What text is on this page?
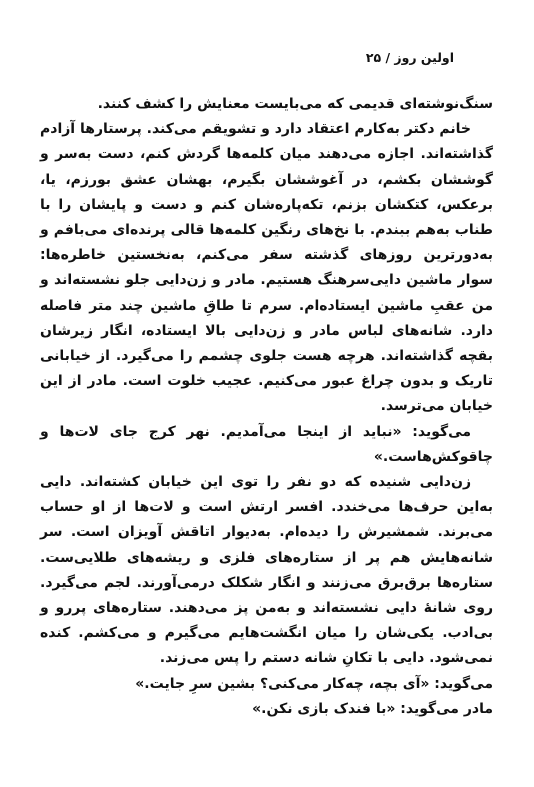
اولین روز / ۲۵

سنگ‌نوشته‌ای قدیمی که می‌بایست معنایش را کشف کنند.

خانم دکتر به‌کارم اعتقاد دارد و تشویقم می‌کند. پرستارها آزادم گذاشته‌اند. اجازه می‌دهند میان کلمه‌ها گردش کنم، دست به‌سر و گوششان بکشم، در آغوششان بگیرم، بهشان عشق بورزم، یا، برعکس، کتکشان بزنم، تکه‌پاره‌شان کنم و دست و پایشان را با طناب به‌هم ببندم. با نخ‌های رنگین کلمه‌ها قالی پرنده‌ای می‌بافم و به‌دورترین روزهای گذشته سفر می‌کنم، به‌نخستین خاطره‌ها: سوار ماشین دایی‌سرهنگ هستیم. مادر و زن‌دایی جلو نشسته‌اند و من عقبِ ماشین ایستاده‌ام. سرم تا طاقِ ماشین چند متر فاصله دارد. شانه‌های لباس مادر و زن‌دایی بالا ایستاده، انگار زیرشان بقچه گذاشته‌اند. هرچه هست جلوی چشمم را می‌گیرد. از خیابانی تاریک و بدون چراغ عبور می‌کنیم. عجیب خلوت است. مادر از این خیابان می‌ترسد.

می‌گوید: «نباید از اینجا می‌آمدیم. نهر کرج جای لات‌ها و چاقوکش‌هاست.»

زن‌دایی شنیده که دو نفر را توی این خیابان کشته‌اند. دایی به‌این حرف‌ها می‌خندد. افسر ارتش است و لات‌ها از او حساب می‌برند. شمشیرش را دیده‌ام. به‌دیوار اتاقش آویزان است. سر شانه‌هایش هم پر از ستاره‌های فلزی و ریشه‌های طلایی‌ست. ستاره‌ها برق‌برق می‌زنند و انگار شکلک درمی‌آورند. لجم می‌گیرد. روی شانهٔ دایی نشسته‌اند و به‌من پز می‌دهند. ستاره‌های پررو و بی‌ادب. یکی‌شان را میان انگشت‌هایم می‌گیرم و می‌کشم. کنده نمی‌شود. دایی با تکانِ شانه دستم را پس می‌زند.

می‌گوید: «آی بچه، چه‌کار می‌کنی؟ بشین سرِ جایت.»

مادر می‌گوید: «با فندک بازی نکن.»
